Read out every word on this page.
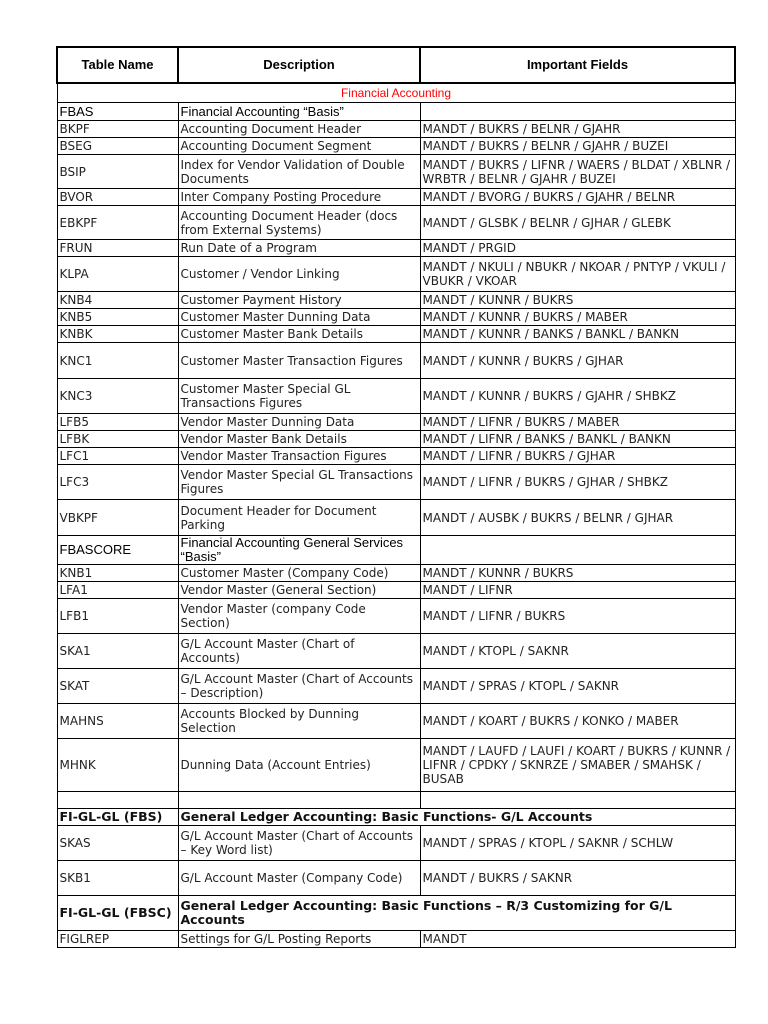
Table Name	Description	Important Fields
Financial Accounting		
FBAS	Financial Accounting “Basis”	
BKPF	Accounting Document Header	MANDT / BUKRS / BELNR / GJAHR
BSEG	Accounting Document Segment	MANDT / BUKRS / BELNR / GJAHR / BUZEI
BSIP	Index for Vendor Validation of Double Documents	MANDT / BUKRS / LIFNR / WAERS / BLDAT / XBLNR / WRBTR / BELNR / GJAHR / BUZEI
BVOR	Inter Company Posting Procedure	MANDT / BVORG / BUKRS / GJAHR / BELNR
EBKPF	Accounting Document Header (docs from External Systems)	MANDT / GLSBK / BELNR / GJHAR / GLEBK
FRUN	Run Date of a Program	MANDT / PRGID
KLPA	Customer / Vendor Linking	MANDT / NKULI / NBUKR / NKOAR / PNTYP / VKULI / VBUKR / VKOAR
KNB4	Customer Payment History	MANDT / KUNNR / BUKRS
KNB5	Customer Master Dunning Data	MANDT / KUNNR / BUKRS / MABER
KNBK	Customer Master Bank Details	MANDT / KUNNR / BANKS / BANKL / BANKN
KNC1	Customer Master Transaction Figures	MANDT / KUNNR / BUKRS / GJHAR
KNC3	Customer Master Special GL Transactions Figures	MANDT / KUNNR / BUKRS / GJAHR / SHBKZ
LFB5	Vendor Master Dunning Data	MANDT / LIFNR / BUKRS / MABER
LFBK	Vendor Master Bank Details	MANDT / LIFNR / BANKS / BANKL / BANKN
LFC1	Vendor Master Transaction Figures	MANDT / LIFNR / BUKRS / GJHAR
LFC3	Vendor Master Special GL Transactions Figures	MANDT / LIFNR / BUKRS / GJHAR / SHBKZ
VBKPF	Document Header for Document Parking	MANDT / AUSBK / BUKRS / BELNR / GJHAR
FBASCORE	Financial Accounting General Services “Basis”	
KNB1	Customer Master (Company Code)	MANDT / KUNNR / BUKRS
LFA1	Vendor Master (General Section)	MANDT / LIFNR
LFB1	Vendor Master (company Code Section)	MANDT / LIFNR / BUKRS
SKA1	G/L Account Master (Chart of Accounts)	MANDT / KTOPL / SAKNR
SKAT	G/L Account Master (Chart of Accounts – Description)	MANDT / SPRAS / KTOPL / SAKNR
MAHNS	Accounts Blocked by Dunning Selection	MANDT / KOART / BUKRS / KONKO / MABER
MHNK	Dunning Data (Account Entries)	MANDT / LAUFD / LAUFI / KOART / BUKRS / KUNNR / LIFNR / CPDKY / SKNRZE / SMABER / SMAHSK / BUSAB

FI-GL-GL (FBS)	General Ledger Accounting: Basic Functions- G/L Accounts	
SKAS	G/L Account Master (Chart of Accounts – Key Word list)	MANDT / SPRAS / KTOPL / SAKNR / SCHLW
SKB1	G/L Account Master (Company Code)	MANDT / BUKRS / SAKNR
FI-GL-GL (FBSC)	General Ledger Accounting: Basic Functions – R/3 Customizing for G/L Accounts	
FIGLREP	Settings for G/L Posting Reports	MANDT
